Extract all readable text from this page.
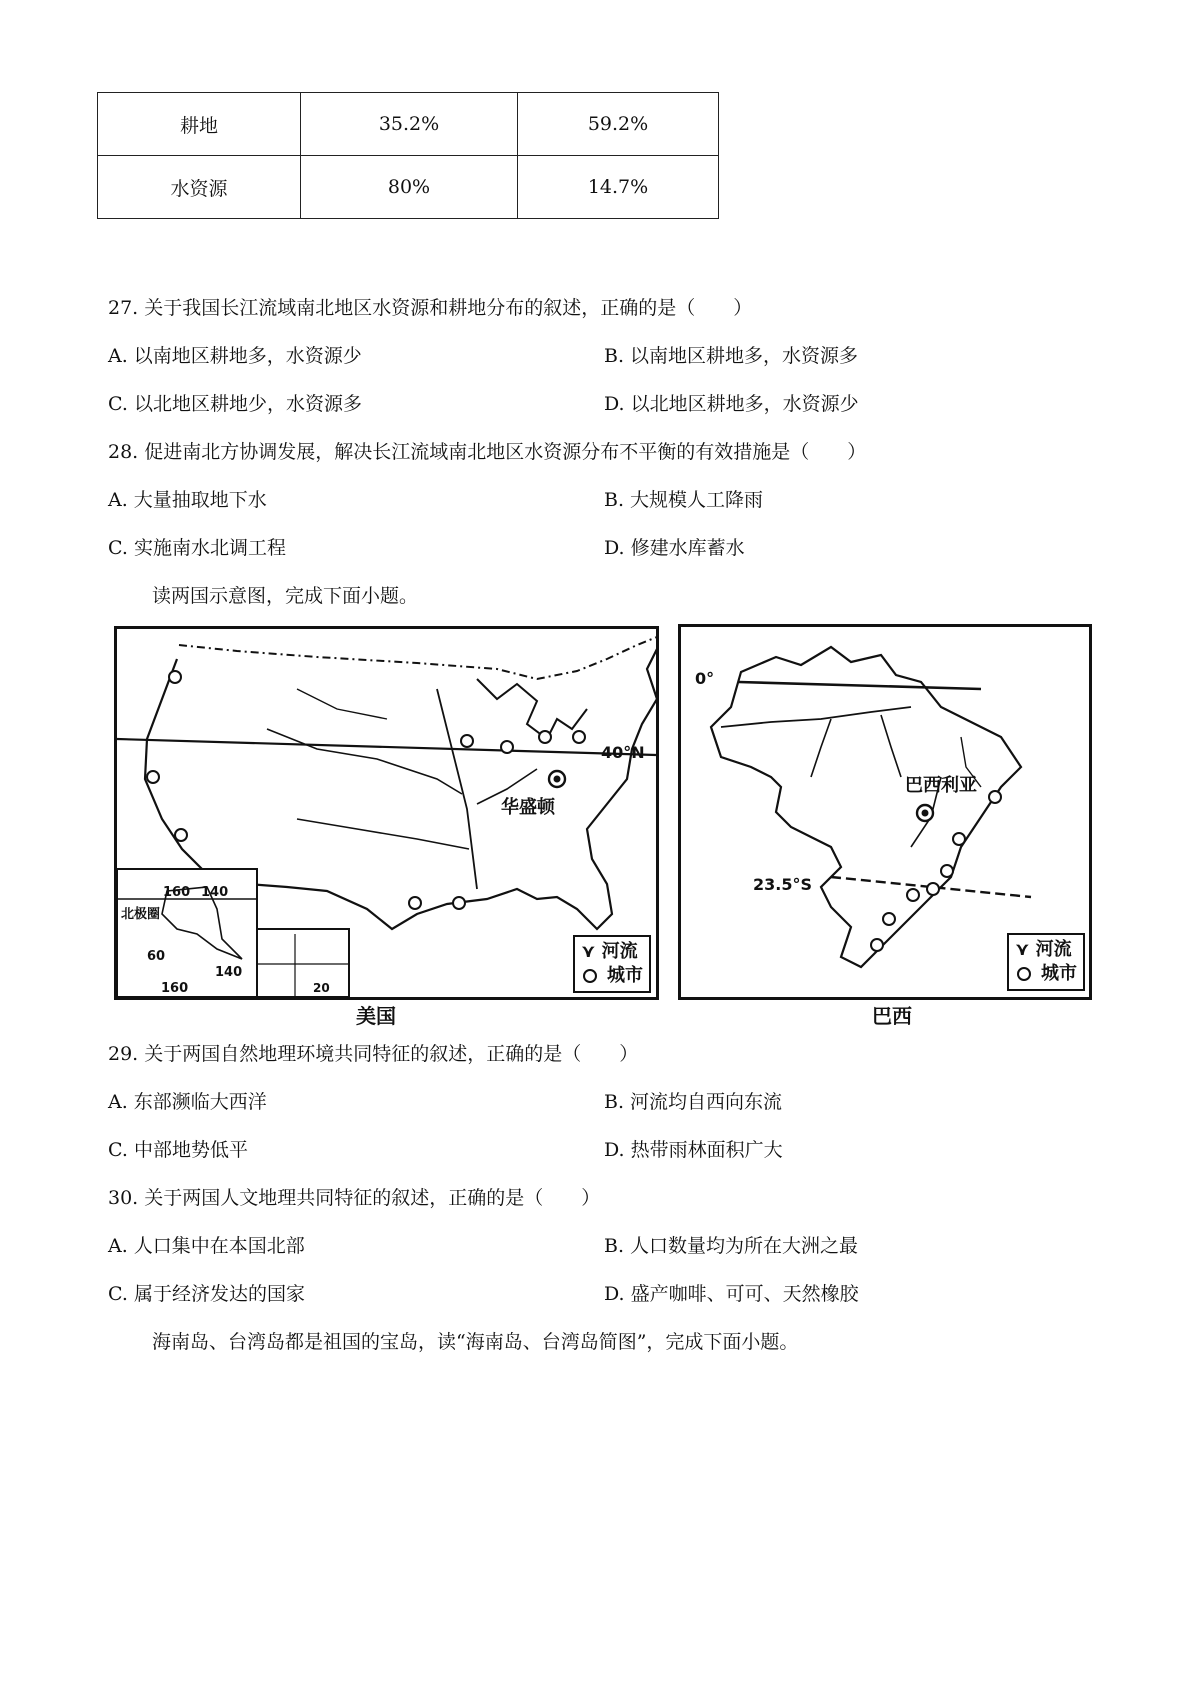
耕地	35.2%	59.2%
水资源	80%	14.7%
27. 关于我国长江流域南北地区水资源和耕地分布的叙述，正确的是（　　）
A. 以南地区耕地多，水资源少	B. 以南地区耕地多，水资源多
C. 以北地区耕地少，水资源多	D. 以北地区耕地多，水资源少
28. 促进南北方协调发展，解决长江流域南北地区水资源分布不平衡的有效措施是（　　）
A. 大量抽取地下水	B. 大规模人工降雨
C. 实施南水北调工程	D. 修建水库蓄水
读两国示意图，完成下面小题。
40°N
华盛顿
北极圈
160 140
60
140
160	20
⋎ 河流
城市
美国
0°
23.5°S
巴西利亚
⋎ 河流
城市
巴西
29. 关于两国自然地理环境共同特征的叙述，正确的是（　　）
A. 东部濒临大西洋	B. 河流均自西向东流
C. 中部地势低平	D. 热带雨林面积广大
30. 关于两国人文地理共同特征的叙述，正确的是（　　）
A. 人口集中在本国北部	B. 人口数量均为所在大洲之最
C. 属于经济发达的国家	D. 盛产咖啡、可可、天然橡胶
海南岛、台湾岛都是祖国的宝岛，读“海南岛、台湾岛简图”，完成下面小题。
